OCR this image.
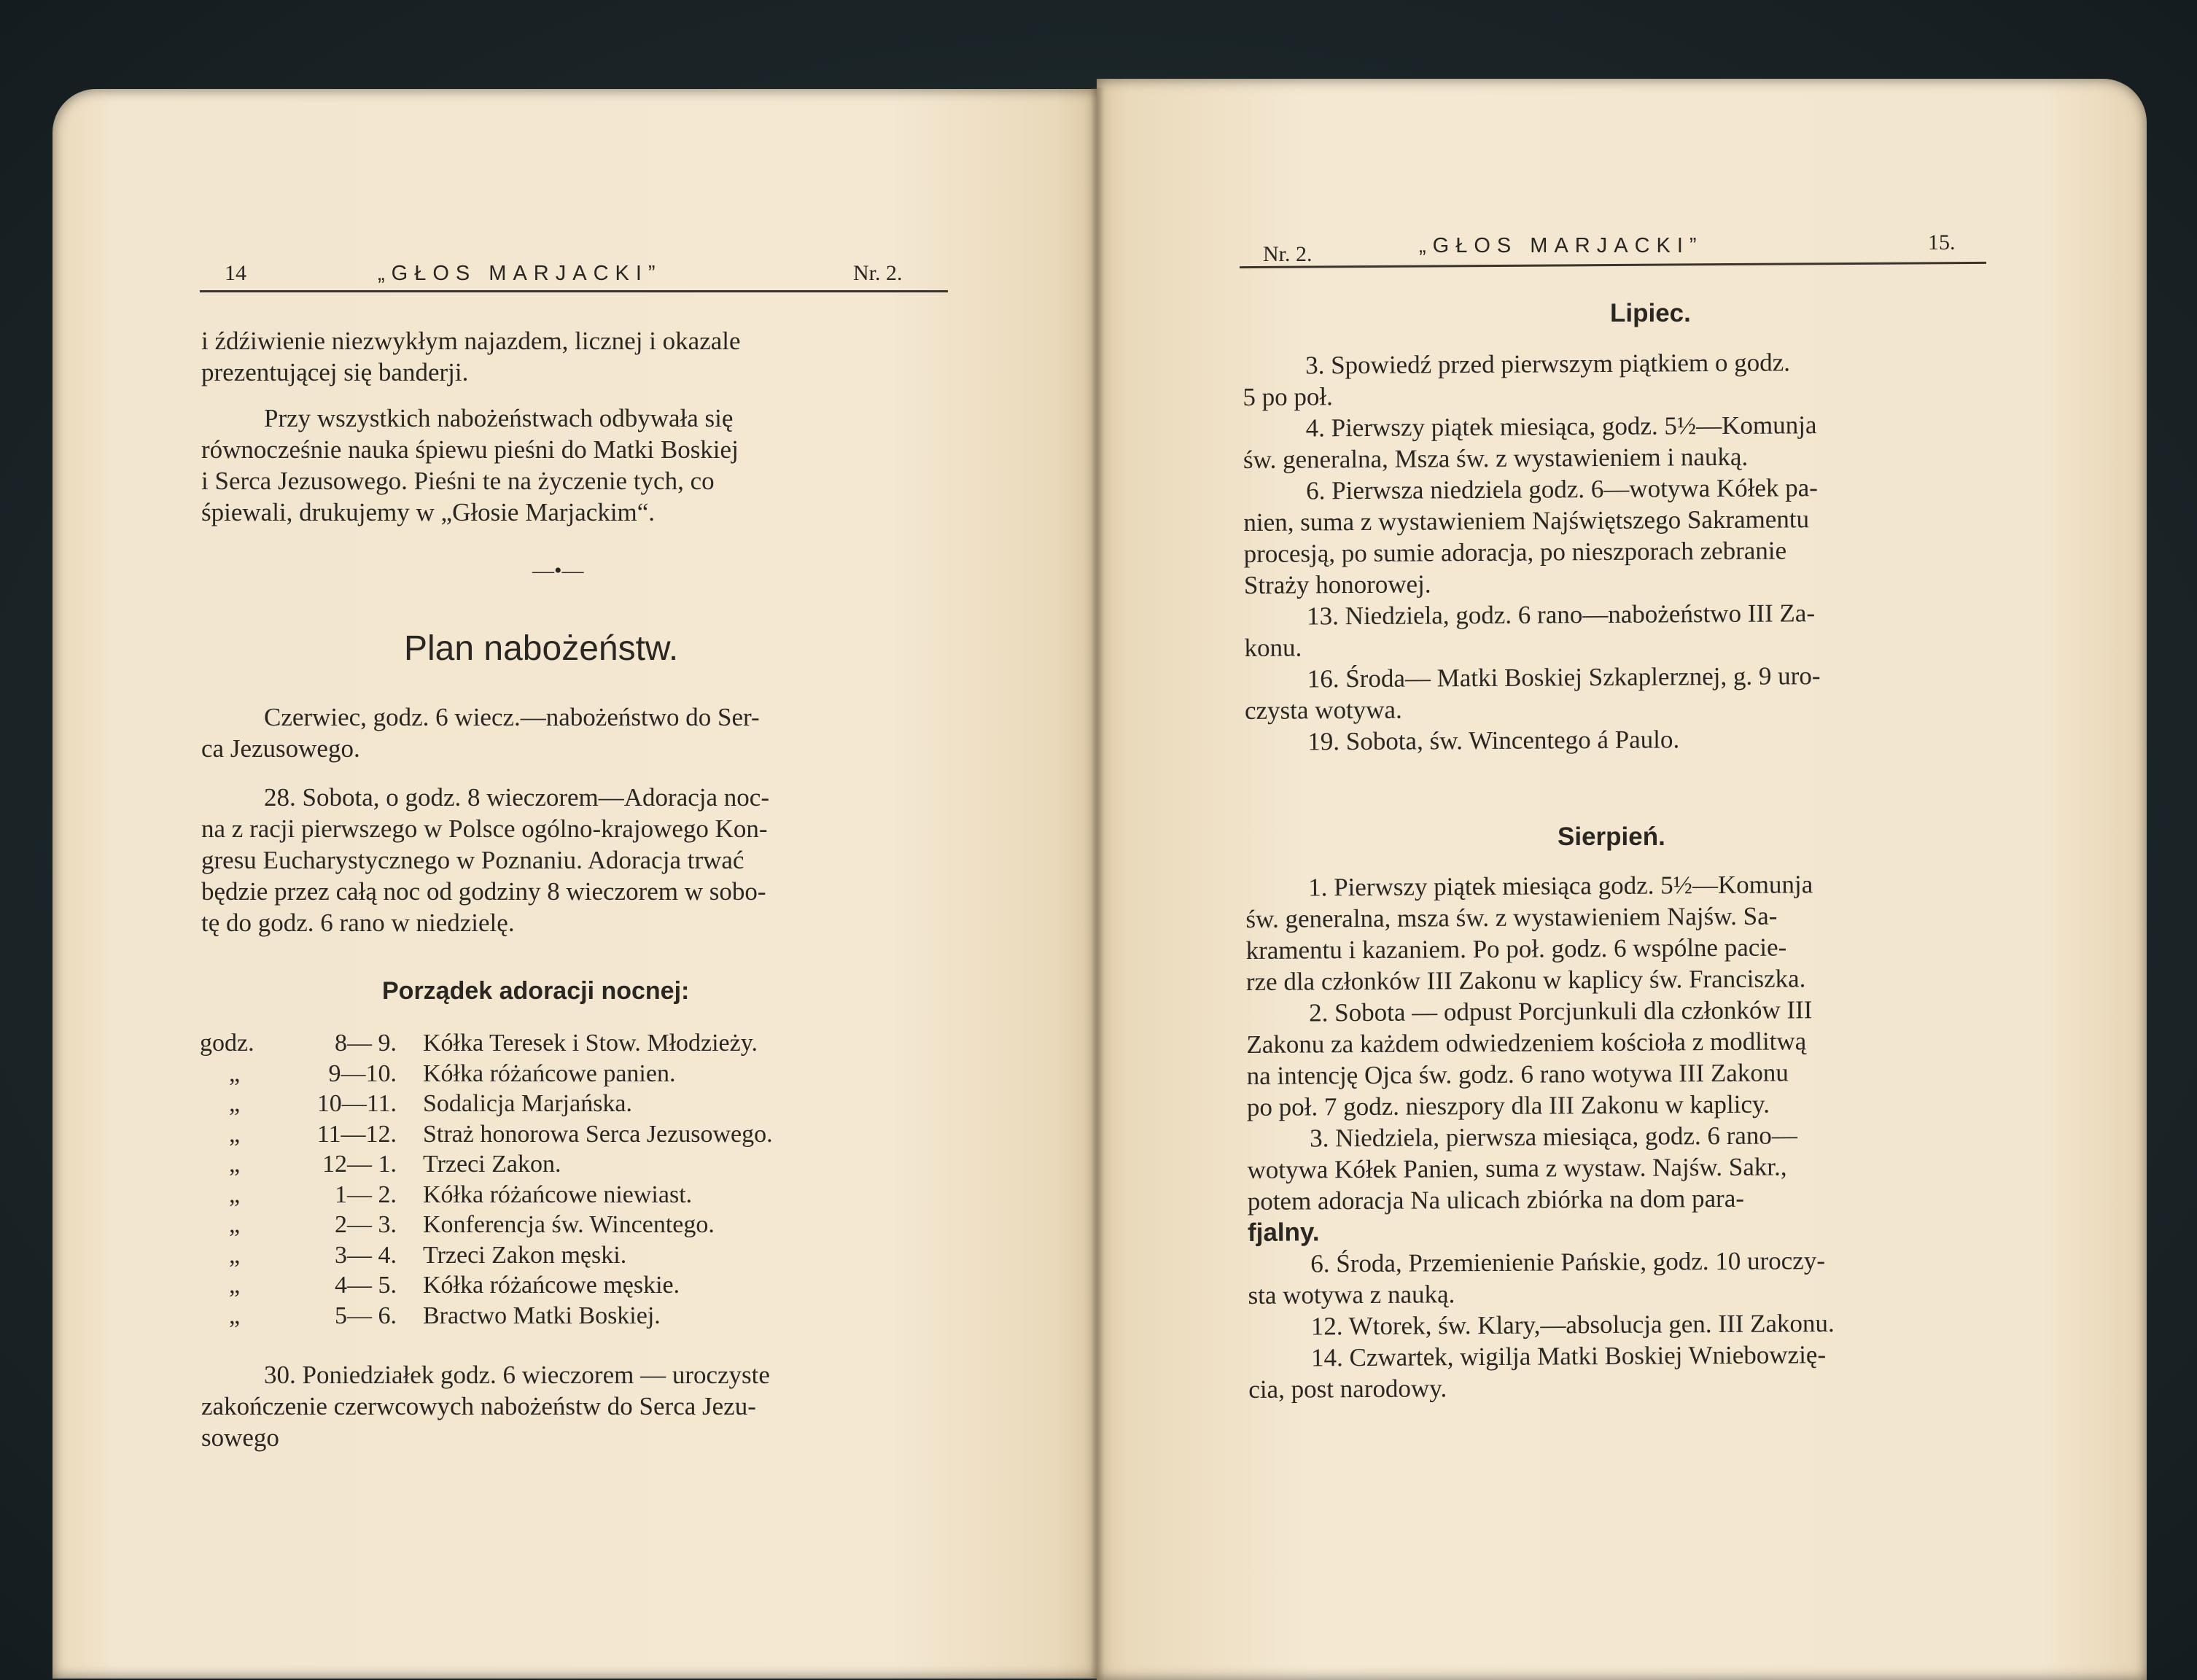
14	„GŁOS MARJACKI”	Nr. 2.
i źdźiwienie niezwykłym najazdem, licznej i okazale
prezentującej się banderji.
Przy wszystkich nabożeństwach odbywała się
równocześnie nauka śpiewu pieśni do Matki Boskiej
i Serca Jezusowego. Pieśni te na życzenie tych, co
śpiewali, drukujemy w „Głosie Marjackim“.
—•—
Plan nabożeństw.
Czerwiec, godz. 6 wiecz.—nabożeństwo do Ser-
ca Jezusowego.
28. Sobota, o godz. 8 wieczorem—Adoracja noc-
na z racji pierwszego w Polsce ogólno-krajowego Kon-
gresu Eucharystycznego w Poznaniu. Adoracja trwać
będzie przez całą noc od godziny 8 wieczorem w sobo-
tę do godz. 6 rano w niedzielę.
Porządek adoracji nocnej:
godz.	8— 9.	Kółka Teresek i Stow. Młodzieży.
„	9—10.	Kółka różańcowe panien.
„	10—11.	Sodalicja Marjańska.
„	11—12.	Straż honorowa Serca Jezusowego.
„	12— 1.	Trzeci Zakon.
„	1— 2.	Kółka różańcowe niewiast.
„	2— 3.	Konferencja św. Wincentego.
„	3— 4.	Trzeci Zakon męski.
„	4— 5.	Kółka różańcowe męskie.
„	5— 6.	Bractwo Matki Boskiej.
30. Poniedziałek godz. 6 wieczorem — uroczyste
zakończenie czerwcowych nabożeństw do Serca Jezu-
sowego
Nr. 2.	„GŁOS MARJACKI”	15.
Lipiec.
3. Spowiedź przed pierwszym piątkiem o godz.
5 po poł.
4. Pierwszy piątek miesiąca, godz. 5½—Komunja
św. generalna, Msza św. z wystawieniem i nauką.
6. Pierwsza niedziela godz. 6—wotywa Kółek pa-
nien, suma z wystawieniem Najświętszego Sakramentu
procesją, po sumie adoracja, po nieszporach zebranie
Straży honorowej.
13. Niedziela, godz. 6 rano—nabożeństwo III Za-
konu.
16. Środa— Matki Boskiej Szkaplerznej, g. 9 uro-
czysta wotywa.
19. Sobota, św. Wincentego á Paulo.
Sierpień.
1. Pierwszy piątek miesiąca godz. 5½—Komunja
św. generalna, msza św. z wystawieniem Najśw. Sa-
kramentu i kazaniem. Po poł. godz. 6 wspólne pacie-
rze dla członków III Zakonu w kaplicy św. Franciszka.
2. Sobota — odpust Porcjunkuli dla członków III
Zakonu za każdem odwiedzeniem kościoła z modlitwą
na intencję Ojca św. godz. 6 rano wotywa III Zakonu
po poł. 7 godz. nieszpory dla III Zakonu w kaplicy.
3. Niedziela, pierwsza miesiąca, godz. 6 rano—
wotywa Kółek Panien, suma z wystaw. Najśw. Sakr.,
potem adoracja Na ulicach zbiórka na dom para-
fjalny.
6. Środa, Przemienienie Pańskie, godz. 10 uroczy-
sta wotywa z nauką.
12. Wtorek, św. Klary,—absolucja gen. III Zakonu.
14. Czwartek, wigilja Matki Boskiej Wniebowzię-
cia, post narodowy.
